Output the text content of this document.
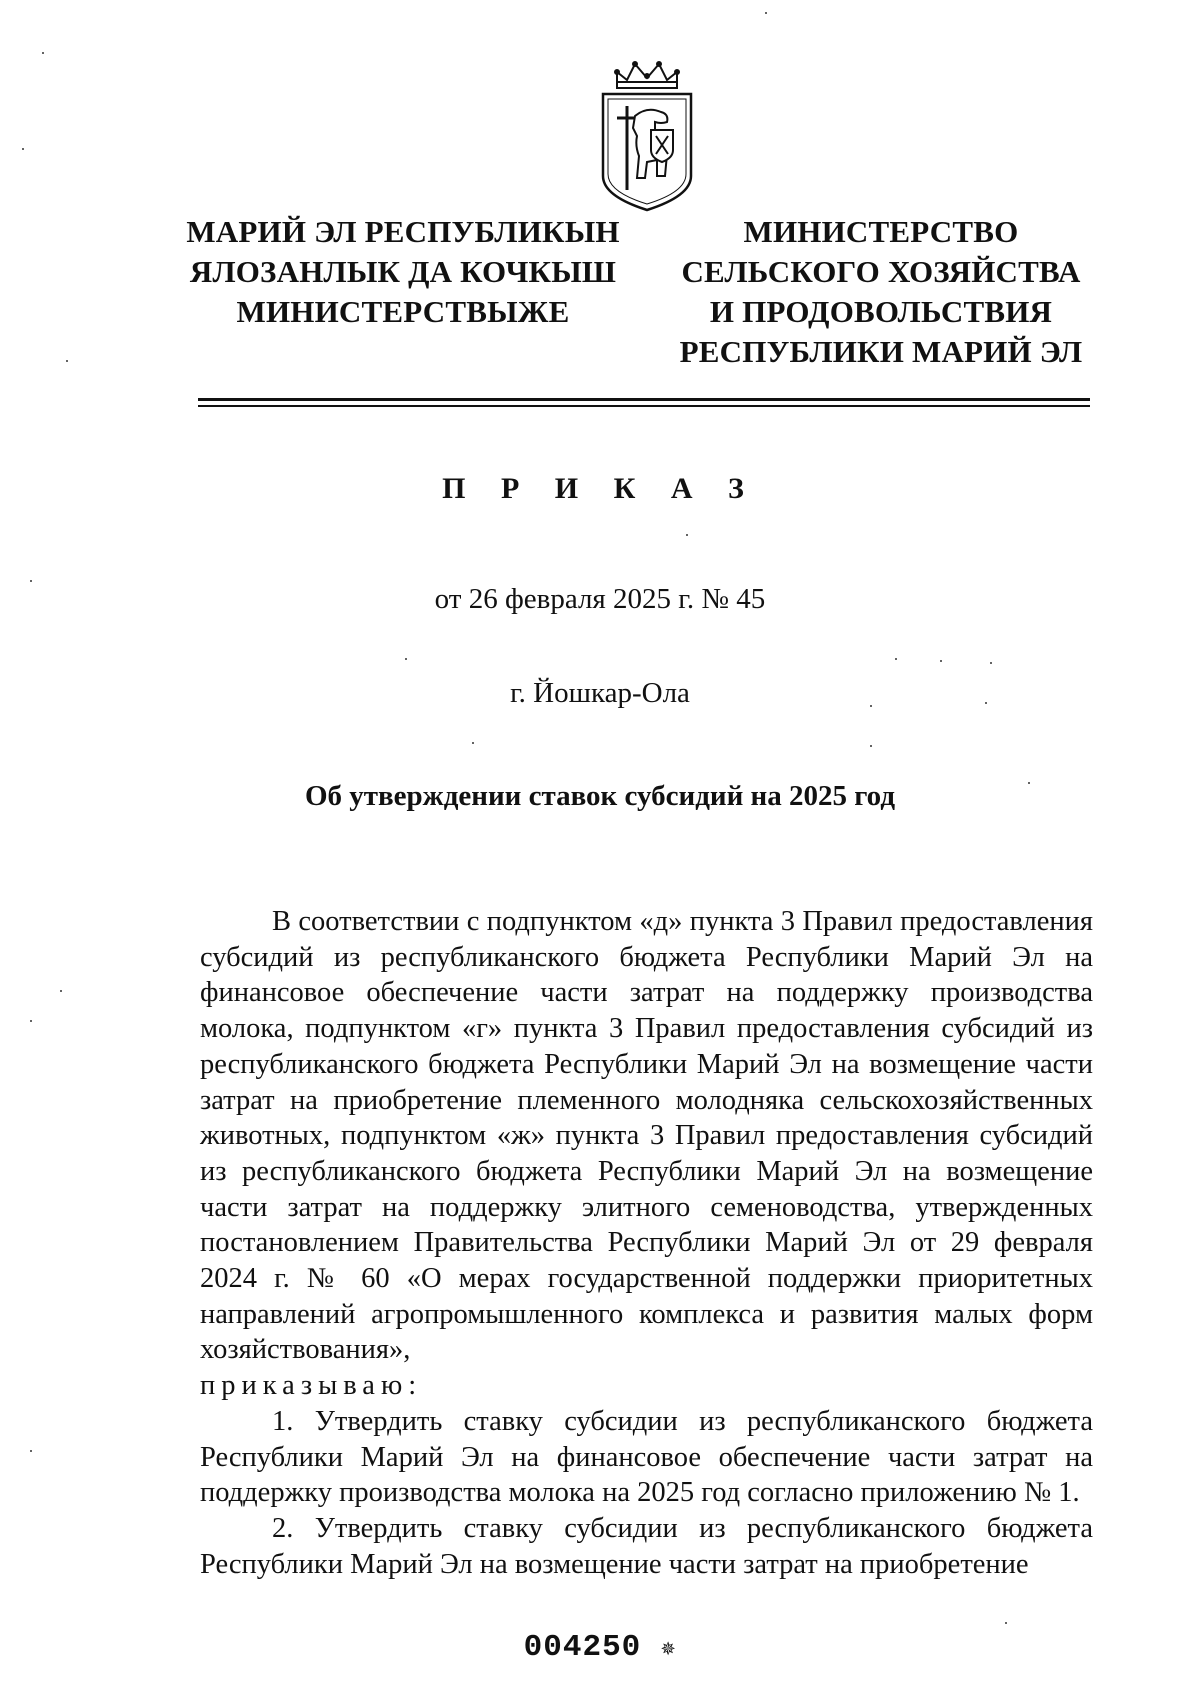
МАРИЙ ЭЛ РЕСПУБЛИКЫН
ЯЛОЗАНЛЫК ДА КОЧКЫШ
МИНИСТЕРСТВЫЖЕ
МИНИСТЕРСТВО
СЕЛЬСКОГО ХОЗЯЙСТВА
И ПРОДОВОЛЬСТВИЯ
РЕСПУБЛИКИ МАРИЙ ЭЛ
П Р И К А З
от 26 февраля 2025 г. № 45
г. Йошкар-Ола
Об утверждении ставок субсидий на 2025 год

В соответствии с подпунктом «д» пункта 3 Правил предоставления субсидий из республиканского бюджета Республики Марий Эл на финансовое обеспечение части затрат на поддержку производства молока, подпунктом «г» пункта 3 Правил предоставления субсидий из республиканского бюджета Республики Марий Эл на возмещение части затрат на приобретение племенного молодняка сельскохозяйственных животных, подпунктом «ж» пункта 3 Правил предоставления субсидий из республиканского бюджета Республики Марий Эл на возмещение части затрат на поддержку элитного семеноводства, утвержденных постановлением Правительства Республики Марий Эл от 29 февраля 2024 г. № 60 «О мерах государственной поддержки приоритетных направлений агропромышленного комплекса и развития малых форм хозяйствования»,

приказываю:

1. Утвердить ставку субсидии из республиканского бюджета Республики Марий Эл на финансовое обеспечение части затрат на поддержку производства молока на 2025 год согласно приложению № 1.

2. Утвердить ставку субсидии из республиканского бюджета Республики Марий Эл на возмещение части затрат на приобретение

004250 ✵
